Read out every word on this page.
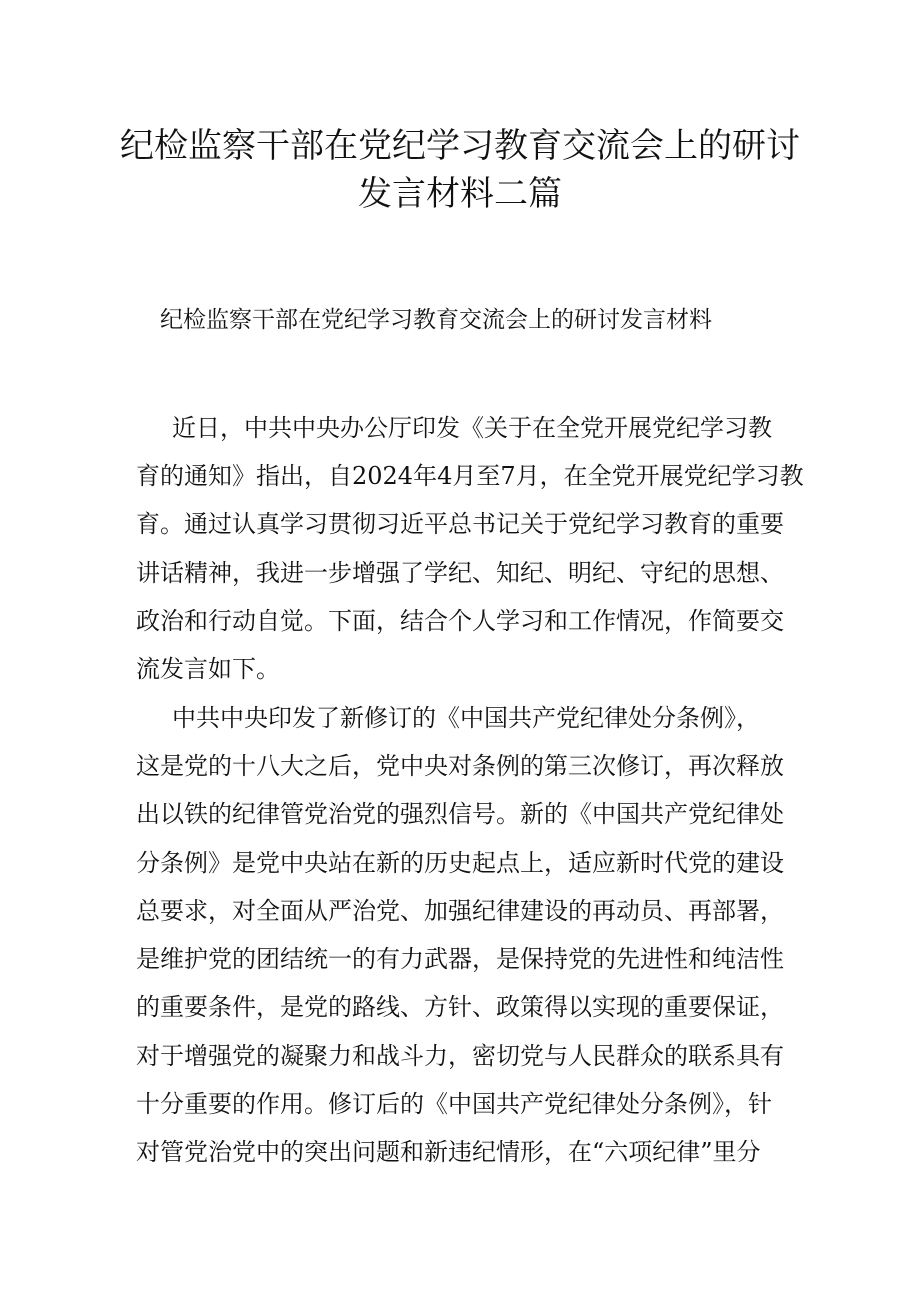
纪检监察干部在党纪学习教育交流会上的研讨
发言材料二篇
纪检监察干部在党纪学习教育交流会上的研讨发言材料
近日，中共中央办公厅印发《关于在全党开展党纪学习教
育的通知》指出，自2024年4月至7月，在全党开展党纪学习教
育。通过认真学习贯彻习近平总书记关于党纪学习教育的重要
讲话精神，我进一步增强了学纪、知纪、明纪、守纪的思想、
政治和行动自觉。下面，结合个人学习和工作情况，作简要交
流发言如下。
中共中央印发了新修订的《中国共产党纪律处分条例》，
这是党的十八大之后，党中央对条例的第三次修订，再次释放
出以铁的纪律管党治党的强烈信号。新的《中国共产党纪律处
分条例》是党中央站在新的历史起点上，适应新时代党的建设
总要求，对全面从严治党、加强纪律建设的再动员、再部署，
是维护党的团结统一的有力武器，是保持党的先进性和纯洁性
的重要条件，是党的路线、方针、政策得以实现的重要保证，
对于增强党的凝聚力和战斗力，密切党与人民群众的联系具有
十分重要的作用。修订后的《中国共产党纪律处分条例》，针
对管党治党中的突出问题和新违纪情形，在“六项纪律”里分
